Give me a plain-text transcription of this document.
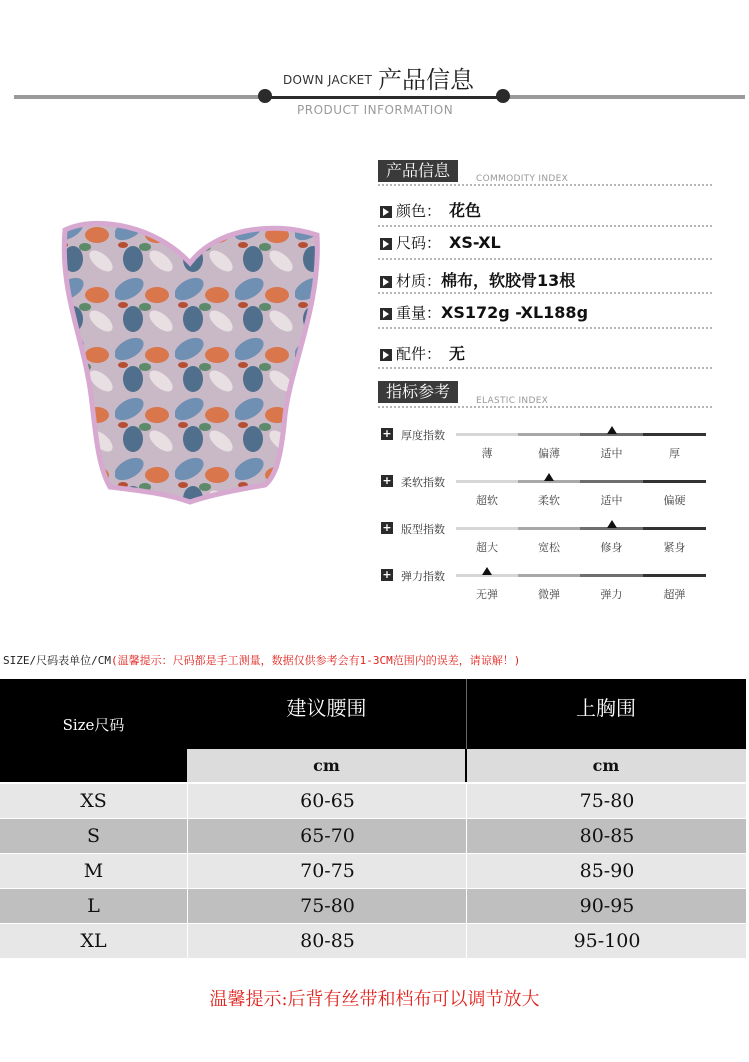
DOWN JACKET 产品信息
PRODUCT INFORMATION
产品信息	COMMODITY INDEX
颜色： 花色
尺码： XS-XL
材质：棉布，软胶骨13根
重量：XS172g -XL188g
配件： 无
指标参考	ELASTIC INDEX
+ 厚度指数
薄	偏薄	适中	厚
+ 柔软指数
超软	柔软	适中	偏硬
+ 版型指数
超大	宽松	修身	紧身
+ 弹力指数
无弹	微弹	弹力	超弹
SIZE/尺码表单位/CM(温馨提示：尺码都是手工测量，数据仅供参考会有1-3CM范围内的误差，请谅解！)
Size尺码
建议腰围	上胸围
cm	cm
XS	60-65	75-80
S	65-70	80-85
M	70-75	85-90
L	75-80	90-95
XL	80-85	95-100
温馨提示:后背有丝带和档布可以调节放大
